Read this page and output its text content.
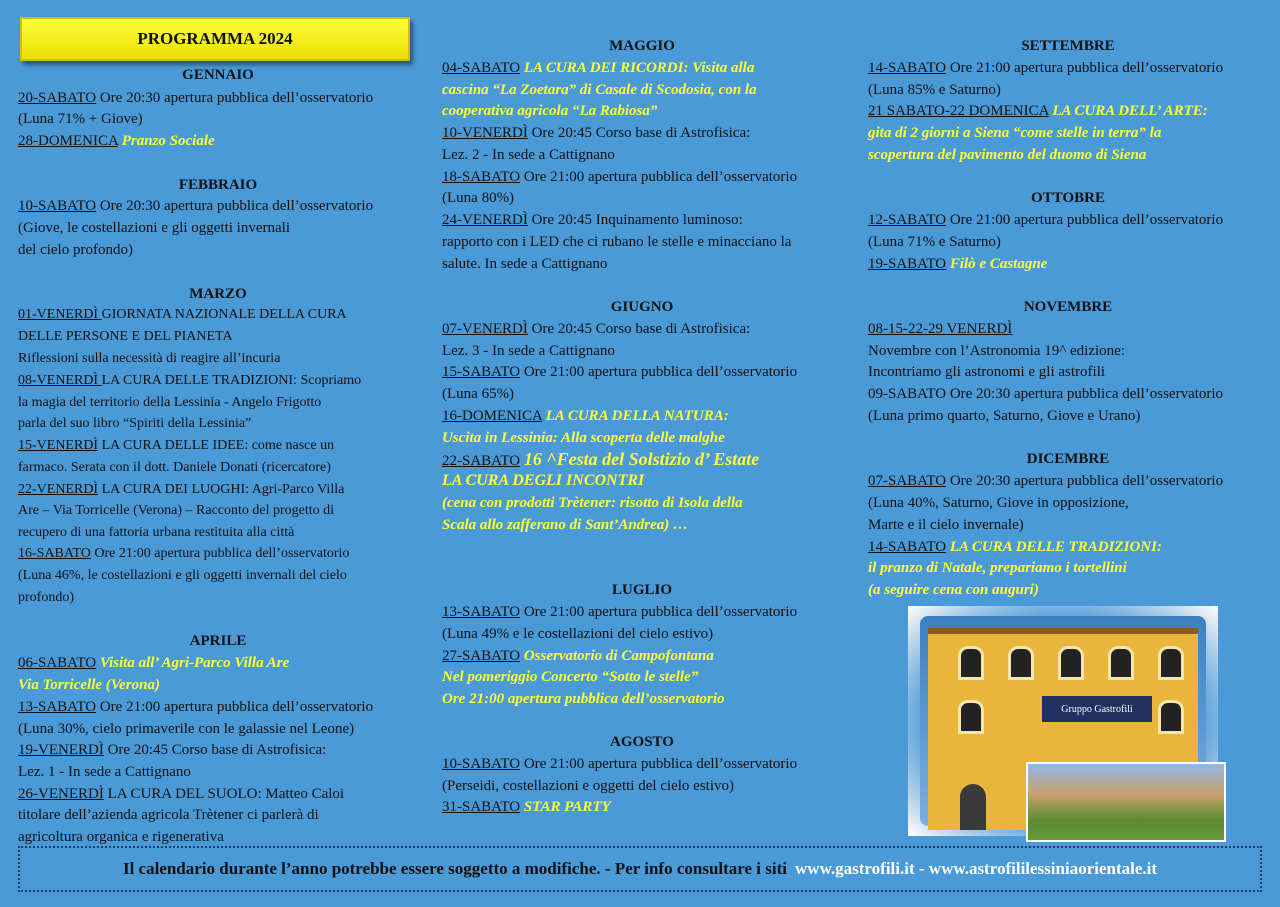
PROGRAMMA 2024
GENNAIO
20-SABATO Ore 20:30 apertura pubblica dell’osservatorio
(Luna 71% + Giove)
28-DOMENICA Pranzo Sociale
FEBBRAIO
10-SABATO Ore 20:30 apertura pubblica dell’osservatorio
(Giove, le costellazioni e gli oggetti invernali
del cielo profondo)
MARZO
01-VENERDÌ GIORNATA NAZIONALE DELLA CURA
DELLE PERSONE E DEL PIANETA
Riflessioni sulla necessità di reagire all’incuria
08-VENERDÌ LA CURA DELLE TRADIZIONI: Scopriamo
la magia del territorio della Lessinia - Angelo Frigotto
parla del suo libro “Spiriti della Lessinia”
15-VENERDÌ LA CURA DELLE IDEE: come nasce un
farmaco. Serata con il dott. Daniele Donati (ricercatore)
22-VENERDÌ LA CURA DEI LUOGHI: Agri-Parco Villa
Are – Via Torricelle (Verona) – Racconto del progetto di
recupero di una fattoria urbana restituita alla città
16-SABATO Ore 21:00 apertura pubblica dell’osservatorio
(Luna 46%, le costellazioni e gli oggetti invernali del cielo
profondo)
APRILE
06-SABATO Visita all’ Agri-Parco Villa Are
Via Torricelle (Verona)
13-SABATO Ore 21:00 apertura pubblica dell’osservatorio
(Luna 30%, cielo primaverile con le galassie nel Leone)
19-VENERDÌ Ore 20:45 Corso base di Astrofisica:
Lez. 1 - In sede a Cattignano
26-VENERDÌ LA CURA DEL SUOLO: Matteo Caloi
titolare dell’azienda agricola Trètener ci parlerà di
agricoltura organica e rigenerativa
MAGGIO
04-SABATO LA CURA DEI RICORDI: Visita alla
cascina “La Zoetara” di Casale di Scodosia, con la
cooperativa agricola “La Rabiosa”
10-VENERDÌ Ore 20:45 Corso base di Astrofisica:
Lez. 2 - In sede a Cattignano
18-SABATO Ore 21:00 apertura pubblica dell’osservatorio
(Luna 80%)
24-VENERDÌ Ore 20:45 Inquinamento luminoso:
rapporto con i LED che ci rubano le stelle e minacciano la
salute. In sede a Cattignano
GIUGNO
07-VENERDÌ Ore 20:45 Corso base di Astrofisica:
Lez. 3 - In sede a Cattignano
15-SABATO Ore 21:00 apertura pubblica dell’osservatorio
(Luna 65%)
16-DOMENICA LA CURA DELLA NATURA:
Uscita in Lessinia: Alla scoperta delle malghe
22-SABATO 16 ^Festa del Solstizio d’ Estate
LA CURA DEGLI INCONTRI
(cena con prodotti Trètener: risotto di Isola della
Scala allo zafferano di Sant’Andrea) …
LUGLIO
13-SABATO Ore 21:00 apertura pubblica dell’osservatorio
(Luna 49% e le costellazioni del cielo estivo)
27-SABATO Osservatorio di Campofontana
Nel pomeriggio Concerto “Sotto le stelle”
Ore 21:00 apertura pubblica dell’osservatorio
AGOSTO
10-SABATO Ore 21:00 apertura pubblica dell’osservatorio
(Perseidi, costellazioni e oggetti del cielo estivo)
31-SABATO STAR PARTY
SETTEMBRE
14-SABATO Ore 21:00 apertura pubblica dell’osservatorio
(Luna 85% e Saturno)
21 SABATO-22 DOMENICA LA CURA DELL’ ARTE:
gita di 2 giorni a Siena “come stelle in terra” la
scopertura del pavimento del duomo di Siena
OTTOBRE
12-SABATO Ore 21:00 apertura pubblica dell’osservatorio
(Luna 71% e Saturno)
19-SABATO Filò e Castagne
NOVEMBRE
08-15-22-29 VENERDÌ
Novembre con l’Astronomia 19^ edizione:
Incontriamo gli astronomi e gli astrofili
09-SABATO Ore 20:30 apertura pubblica dell’osservatorio
(Luna primo quarto, Saturno, Giove e Urano)
DICEMBRE
07-SABATO Ore 20:30 apertura pubblica dell’osservatorio
(Luna 40%, Saturno, Giove in opposizione,
Marte e il cielo invernale)
14-SABATO LA CURA DELLE TRADIZIONI:
il pranzo di Natale, prepariamo i tortellini
(a seguire cena con auguri)
Gruppo Gastrofili
Il calendario durante l’anno potrebbe essere soggetto a modifiche. - Per info consultare i siti www.gastrofili.it - www.astrofililessiniaorientale.it
